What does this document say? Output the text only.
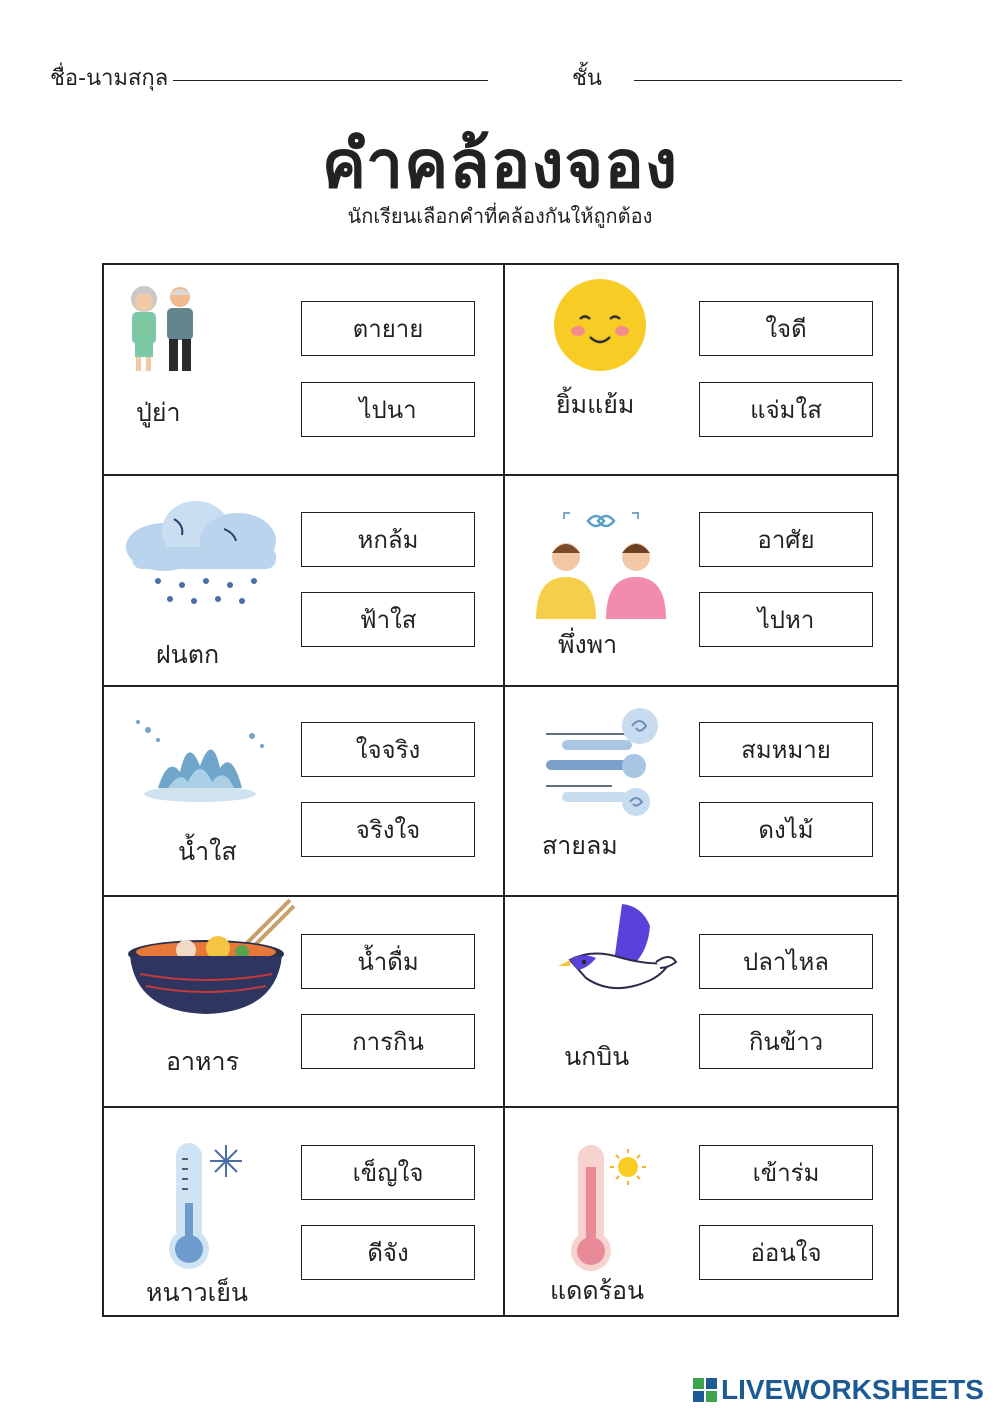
ชื่อ-นามสกุล	ชั้น
คำคล้องจอง
นักเรียนเลือกคำที่คล้องกันให้ถูกต้อง
ปู่ย่า
ตายาย
ไปนา	ยิ้มแย้ม
ใจดี
แจ่มใส
ฝนตก
หกล้ม
ฟ้าใส
พึ่งพา
อาศัย
ไปหา
น้ำใส
ใจจริง
จริงใจ
สายลม
สมหมาย
ดงไม้
อาหาร
น้ำดื่ม
การกิน	นกบิน
ปลาไหล
กินข้าว
หนาวเย็น
เข็ญใจ
ดีจัง
แดดร้อน
เข้าร่ม
อ่อนใจ
LIVEWORKSHEETS
